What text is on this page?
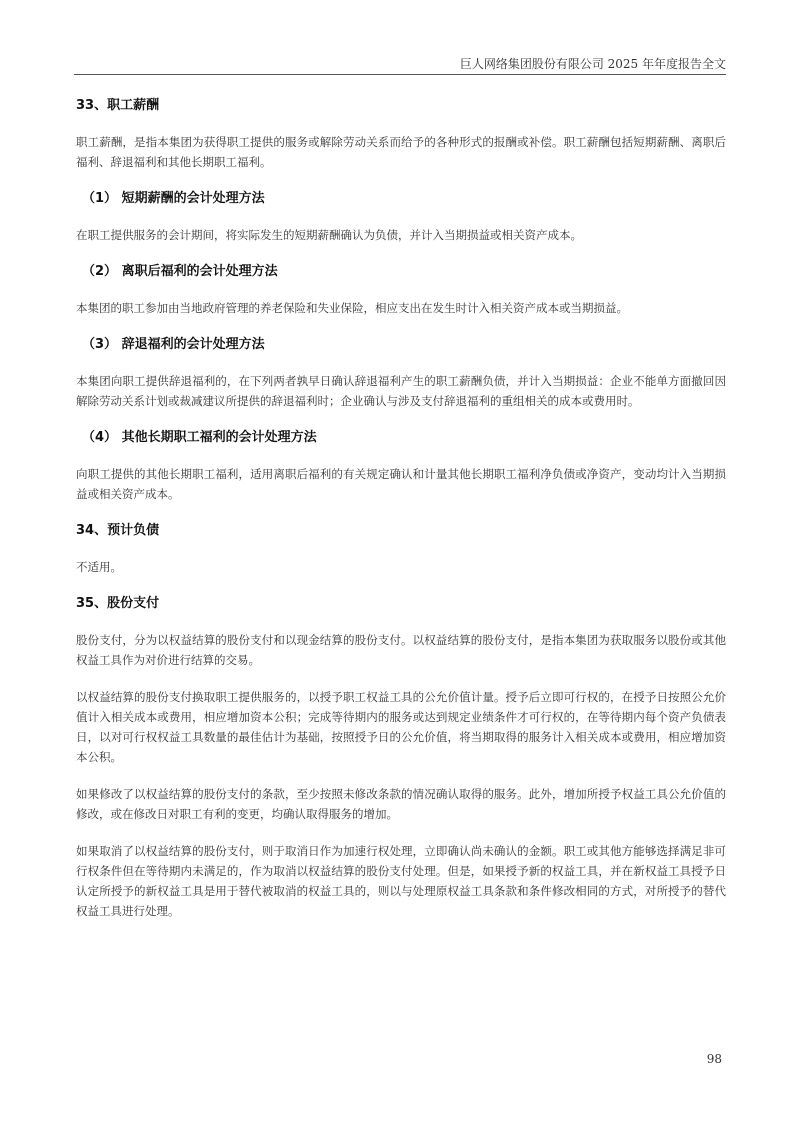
巨人网络集团股份有限公司 2025 年年度报告全文
33、职工薪酬

职工薪酬，是指本集团为获得职工提供的服务或解除劳动关系而给予的各种形式的报酬或补偿。职工薪酬包括短期薪酬、离职后福利、辞退福利和其他长期职工福利。

（1） 短期薪酬的会计处理方法

在职工提供服务的会计期间，将实际发生的短期薪酬确认为负债，并计入当期损益或相关资产成本。

（2） 离职后福利的会计处理方法

本集团的职工参加由当地政府管理的养老保险和失业保险，相应支出在发生时计入相关资产成本或当期损益。

（3） 辞退福利的会计处理方法

本集团向职工提供辞退福利的，在下列两者孰早日确认辞退福利产生的职工薪酬负债，并计入当期损益：企业不能单方面撤回因解除劳动关系计划或裁减建议所提供的辞退福利时；企业确认与涉及支付辞退福利的重组相关的成本或费用时。

（4） 其他长期职工福利的会计处理方法

向职工提供的其他长期职工福利，适用离职后福利的有关规定确认和计量其他长期职工福利净负债或净资产，变动均计入当期损益或相关资产成本。

34、预计负债

不适用。

35、股份支付

股份支付，分为以权益结算的股份支付和以现金结算的股份支付。以权益结算的股份支付，是指本集团为获取服务以股份或其他权益工具作为对价进行结算的交易。

以权益结算的股份支付换取职工提供服务的，以授予职工权益工具的公允价值计量。授予后立即可行权的，在授予日按照公允价值计入相关成本或费用，相应增加资本公积；完成等待期内的服务或达到规定业绩条件才可行权的，在等待期内每个资产负债表日，以对可行权权益工具数量的最佳估计为基础，按照授予日的公允价值，将当期取得的服务计入相关成本或费用，相应增加资本公积。

如果修改了以权益结算的股份支付的条款，至少按照未修改条款的情况确认取得的服务。此外，增加所授予权益工具公允价值的修改，或在修改日对职工有利的变更，均确认取得服务的增加。

如果取消了以权益结算的股份支付，则于取消日作为加速行权处理，立即确认尚未确认的金额。职工或其他方能够选择满足非可行权条件但在等待期内未满足的，作为取消以权益结算的股份支付处理。但是，如果授予新的权益工具，并在新权益工具授予日认定所授予的新权益工具是用于替代被取消的权益工具的，则以与处理原权益工具条款和条件修改相同的方式，对所授予的替代权益工具进行处理。

98
